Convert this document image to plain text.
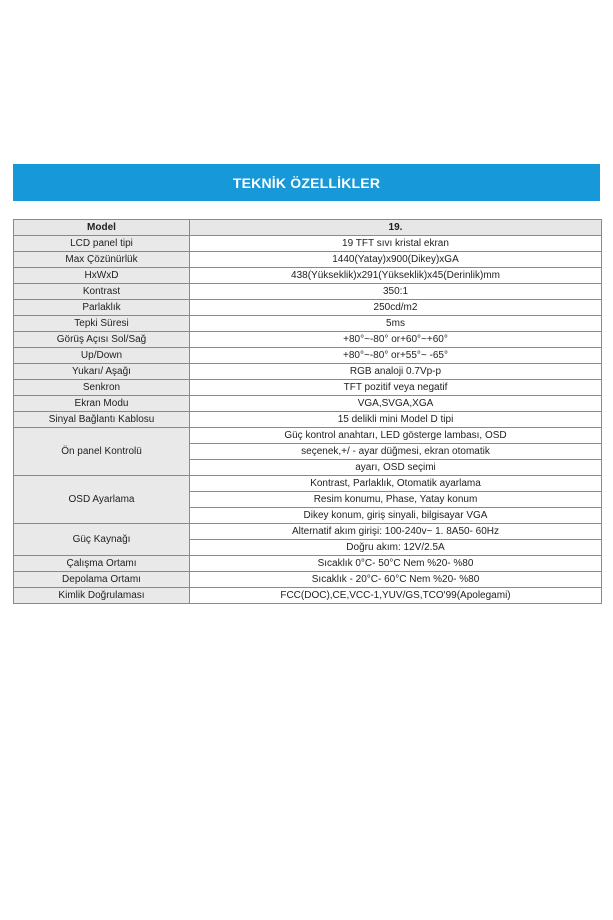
TEKNİK ÖZELLİKLER
Model	19.
LCD panel tipi	19 TFT sıvı kristal ekran
Max Çözünürlük	1440(Yatay)x900(Dikey)xGA
HxWxD	438(Yükseklik)x291(Yükseklik)x45(Derinlik)mm
Kontrast	350:1
Parlaklık	250cd/m2
Tepki Süresi	5ms
Görüş Açısı Sol/Sağ	+80°~-80° or+60°~+60°
Up/Down	+80°~-80° or+55°~ -65°
Yukarı/ Aşağı	RGB analoji 0.7Vp-p
Senkron	TFT pozitif veya negatif
Ekran Modu	VGA,SVGA,XGA
Sinyal Bağlantı Kablosu	15 delikli mini Model D tipi
Ön panel Kontrolü	Güç kontrol anahtarı, LED gösterge lambası, OSD
	seçenek,+/ - ayar düğmesi, ekran otomatik
	ayarı, OSD seçimi
OSD Ayarlama	Kontrast, Parlaklık, Otomatik ayarlama
	Resim konumu, Phase, Yatay konum
	Dikey konum, giriş sinyali, bilgisayar VGA
Güç Kaynağı	Alternatif akım girişi: 100-240v~ 1. 8A50- 60Hz
	Doğru akım: 12V/2.5A
Çalışma Ortamı	Sıcaklık 0°C- 50°C Nem %20- %80
Depolama Ortamı	Sıcaklık - 20°C- 60°C Nem %20- %80
Kimlik Doğrulaması	FCC(DOC),CE,VCC-1,YUV/GS,TCO'99(Apolegami)
